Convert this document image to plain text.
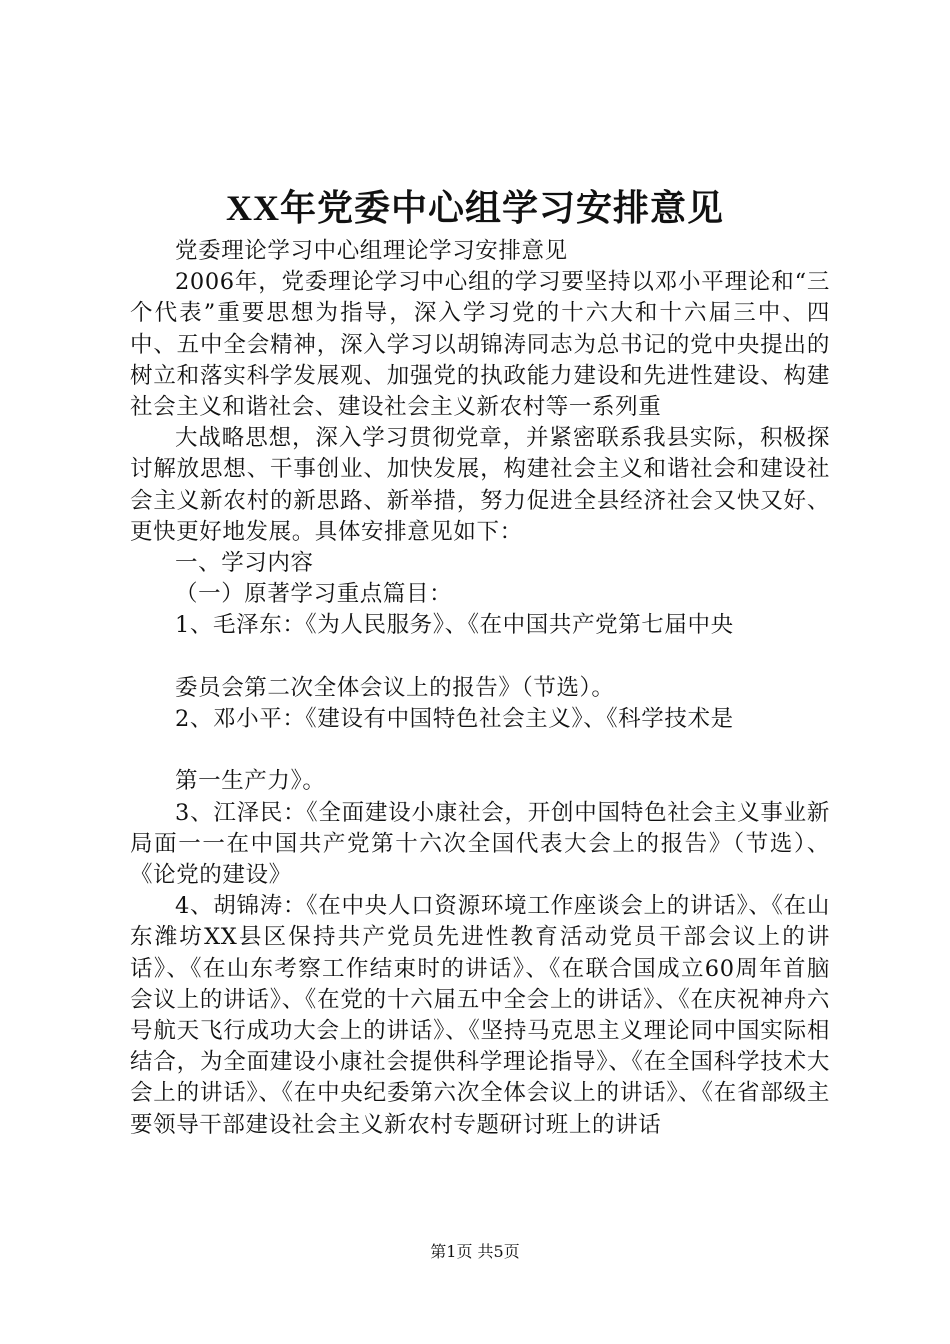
XX年党委中心组学习安排意见

党委理论学习中心组理论学习安排意见

2006年，党委理论学习中心组的学习要坚持以邓小平理论和“三个代表”重要思想为指导，深入学习党的十六大和十六届三中、四中、五中全会精神，深入学习以胡锦涛同志为总书记的党中央提出的树立和落实科学发展观、加强党的执政能力建设和先进性建设、构建社会主义和谐社会、建设社会主义新农村等一系列重

大战略思想，深入学习贯彻党章，并紧密联系我县实际，积极探讨解放思想、干事创业、加快发展，构建社会主义和谐社会和建设社会主义新农村的新思路、新举措，努力促进全县经济社会又快又好、更快更好地发展。具体安排意见如下：

一、学习内容

（一）原著学习重点篇目：

1、毛泽东：《为人民服务》、《在中国共产党第七届中央

委员会第二次全体会议上的报告》（节选）。

2、邓小平：《建设有中国特色社会主义》、《科学技术是

第一生产力》。

3、江泽民：《全面建设小康社会，开创中国特色社会主义事业新局面一一在中国共产党第十六次全国代表大会上的报告》（节选）、《论党的建设》

4、胡锦涛：《在中央人口资源环境工作座谈会上的讲话》、《在山东潍坊XX县区保持共产党员先进性教育活动党员干部会议上的讲话》、《在山东考察工作结束时的讲话》、《在联合国成立60周年首脑会议上的讲话》、《在党的十六届五中全会上的讲话》、《在庆祝神舟六号航天飞行成功大会上的讲话》、《坚持马克思主义理论同中国实际相结合，为全面建设小康社会提供科学理论指导》、《在全国科学技术大会上的讲话》、《在中央纪委第六次全体会议上的讲话》、《在省部级主要领导干部建设社会主义新农村专题研讨班上的讲话

第1页 共5页
